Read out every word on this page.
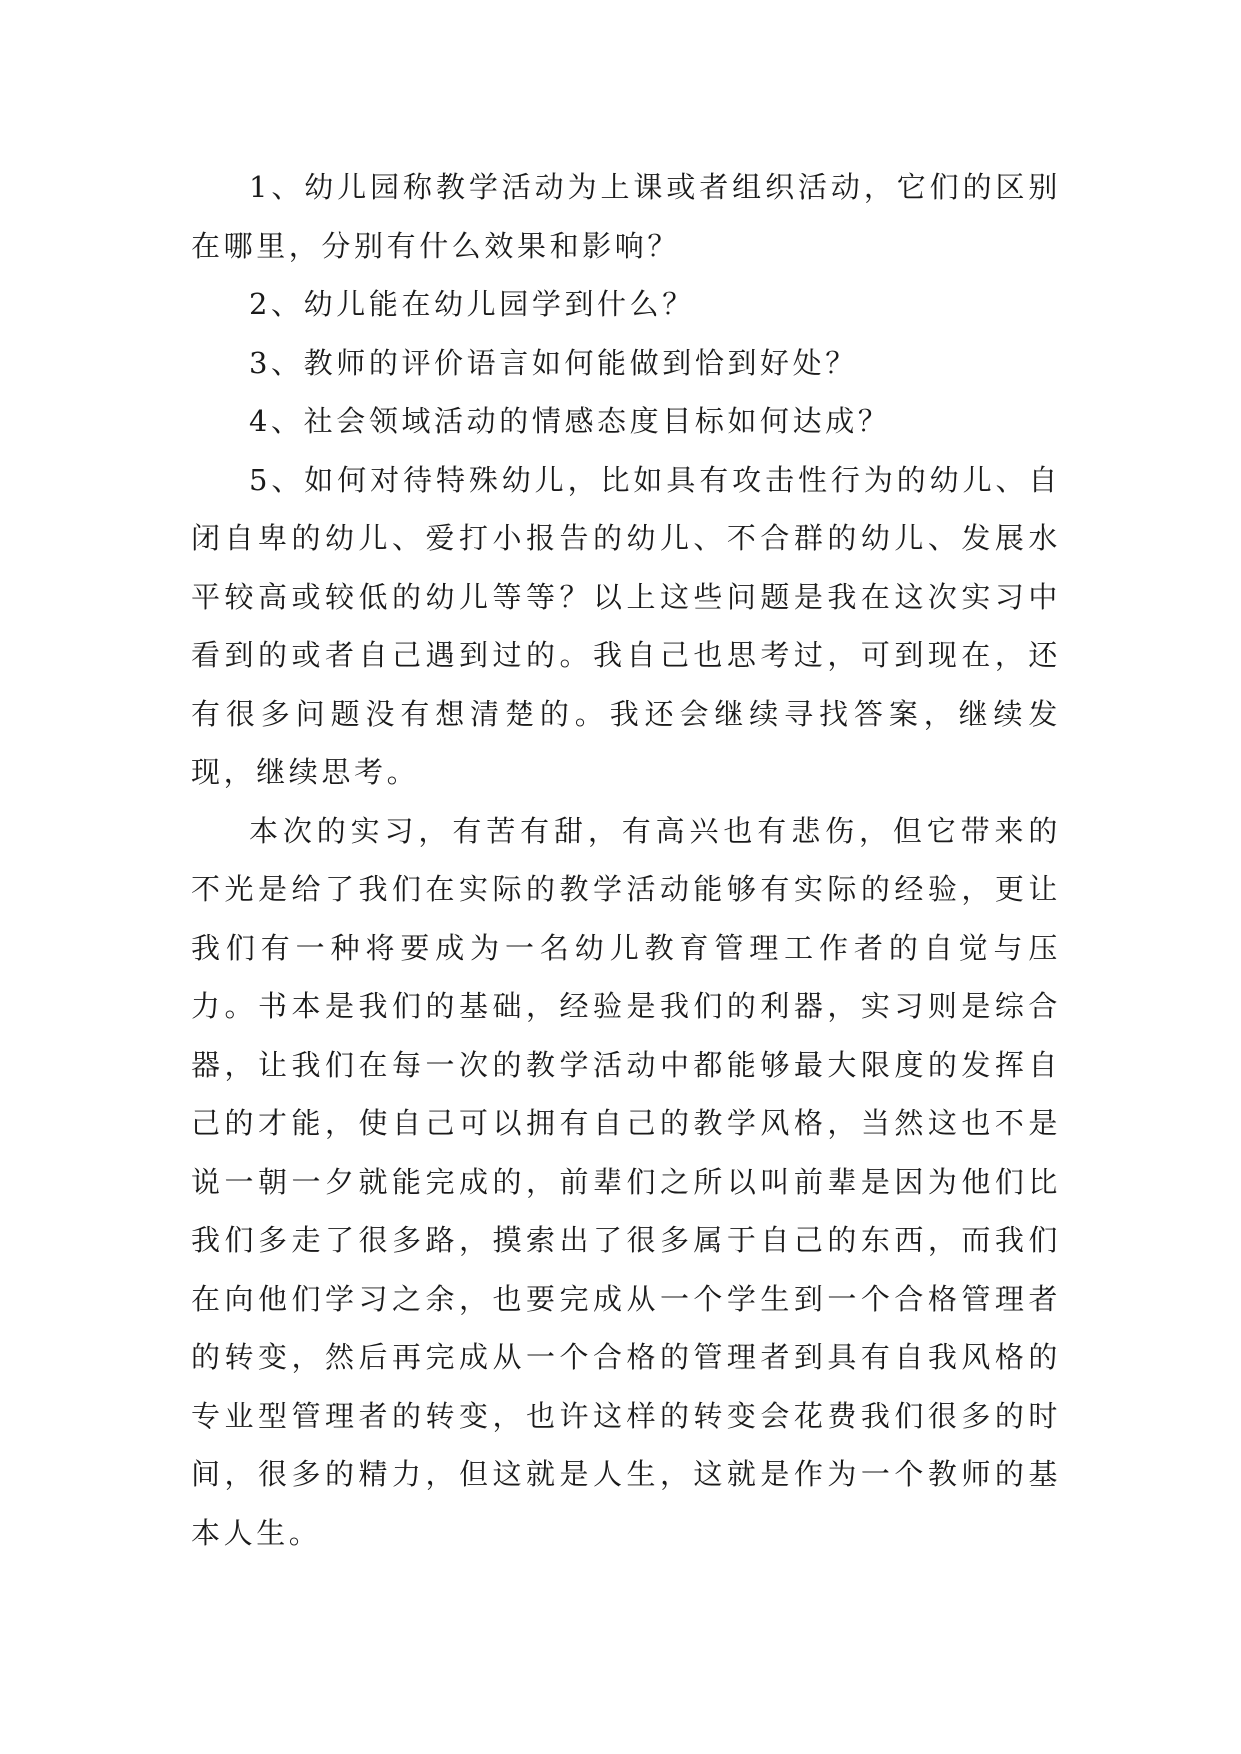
1、幼儿园称教学活动为上课或者组织活动，它们的区别在哪里，分别有什么效果和影响？

2、幼儿能在幼儿园学到什么？

3、教师的评价语言如何能做到恰到好处？

4、社会领域活动的情感态度目标如何达成？

5、如何对待特殊幼儿，比如具有攻击性行为的幼儿、自闭自卑的幼儿、爱打小报告的幼儿、不合群的幼儿、发展水平较高或较低的幼儿等等？以上这些问题是我在这次实习中看到的或者自己遇到过的。我自己也思考过，可到现在，还有很多问题没有想清楚的。我还会继续寻找答案，继续发现，继续思考。

本次的实习，有苦有甜，有高兴也有悲伤，但它带来的不光是给了我们在实际的教学活动能够有实际的经验，更让我们有一种将要成为一名幼儿教育管理工作者的自觉与压力。书本是我们的基础，经验是我们的利器，实习则是综合器，让我们在每一次的教学活动中都能够最大限度的发挥自己的才能，使自己可以拥有自己的教学风格，当然这也不是说一朝一夕就能完成的，前辈们之所以叫前辈是因为他们比我们多走了很多路，摸索出了很多属于自己的东西，而我们在向他们学习之余，也要完成从一个学生到一个合格管理者的转变，然后再完成从一个合格的管理者到具有自我风格的专业型管理者的转变，也许这样的转变会花费我们很多的时间，很多的精力，但这就是人生，这就是作为一个教师的基本人生。
